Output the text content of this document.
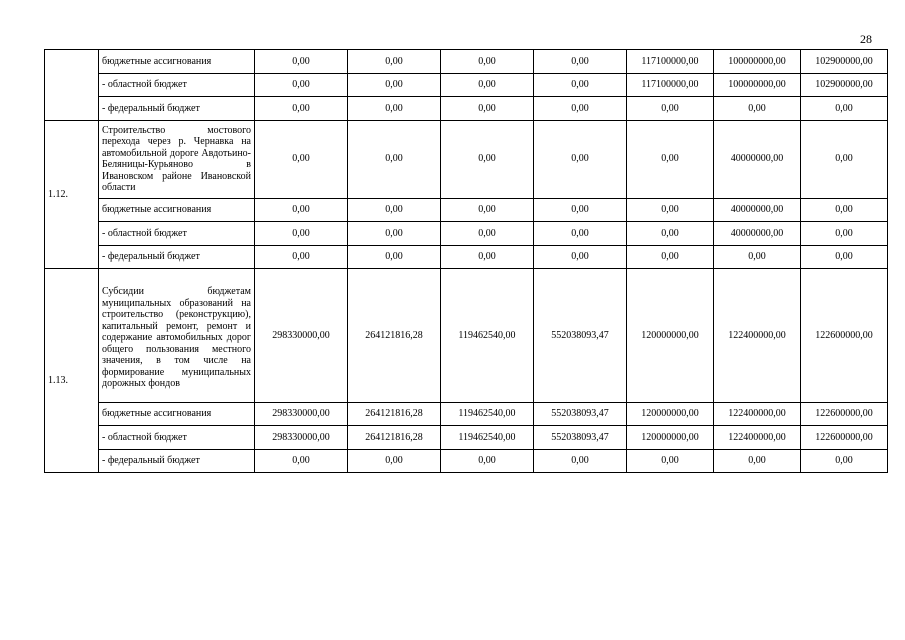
28
	бюджетные ассигнования	0,00	0,00	0,00	0,00	117100000,00	100000000,00	102900000,00
	- областной бюджет	0,00	0,00	0,00	0,00	117100000,00	100000000,00	102900000,00
	- федеральный бюджет	0,00	0,00	0,00	0,00	0,00	0,00	0,00
1.12.	Строительство мостового перехода через р. Чернавка на автомобильной дороге Авдотьино-Беляницы-Курьяново в Ивановском районе Ивановской области	0,00	0,00	0,00	0,00	0,00	40000000,00	0,00
	бюджетные ассигнования	0,00	0,00	0,00	0,00	0,00	40000000,00	0,00
	- областной бюджет	0,00	0,00	0,00	0,00	0,00	40000000,00	0,00
	- федеральный бюджет	0,00	0,00	0,00	0,00	0,00	0,00	0,00
1.13.	Субсидии бюджетам муниципальных образований на строительство (реконструкцию), капитальный ремонт, ремонт и содержание автомобильных дорог общего пользования местного значения, в том числе на формирование муниципальных дорожных фондов	298330000,00	264121816,28	119462540,00	552038093,47	120000000,00	122400000,00	122600000,00
	бюджетные ассигнования	298330000,00	264121816,28	119462540,00	552038093,47	120000000,00	122400000,00	122600000,00
	- областной бюджет	298330000,00	264121816,28	119462540,00	552038093,47	120000000,00	122400000,00	122600000,00
	- федеральный бюджет	0,00	0,00	0,00	0,00	0,00	0,00	0,00
